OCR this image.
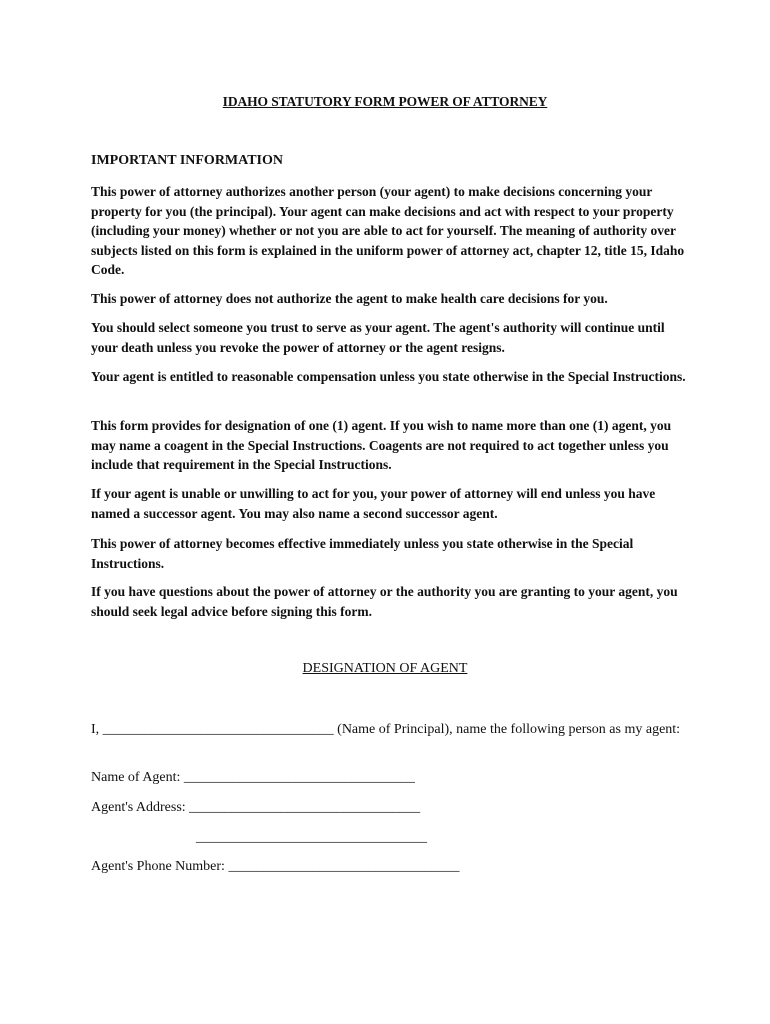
IDAHO STATUTORY FORM POWER OF ATTORNEY
IMPORTANT INFORMATION
This power of attorney authorizes another person (your agent) to make decisions concerning your property for you (the principal). Your agent can make decisions and act with respect to your property (including your money) whether or not you are able to act for yourself. The meaning of authority over subjects listed on this form is explained in the uniform power of attorney act, chapter 12, title 15, Idaho Code.
This power of attorney does not authorize the agent to make health care decisions for you.
You should select someone you trust to serve as your agent. The agent's authority will continue until your death unless you revoke the power of attorney or the agent resigns.
Your agent is entitled to reasonable compensation unless you state otherwise in the Special Instructions.
This form provides for designation of one (1) agent. If you wish to name more than one (1) agent, you may name a coagent in the Special Instructions. Coagents are not required to act together unless you include that requirement in the Special Instructions.
If your agent is unable or unwilling to act for you, your power of attorney will end unless you have named a successor agent. You may also name a second successor agent.
This power of attorney becomes effective immediately unless you state otherwise in the Special Instructions.
If you have questions about the power of attorney or the authority you are granting to your agent, you should seek legal advice before signing this form.
DESIGNATION OF AGENT
I, _________________________________ (Name of Principal), name the following person as my agent:
Name of Agent: _________________________________
Agent's Address: _________________________________
_________________________________
Agent's Phone Number: _________________________________
